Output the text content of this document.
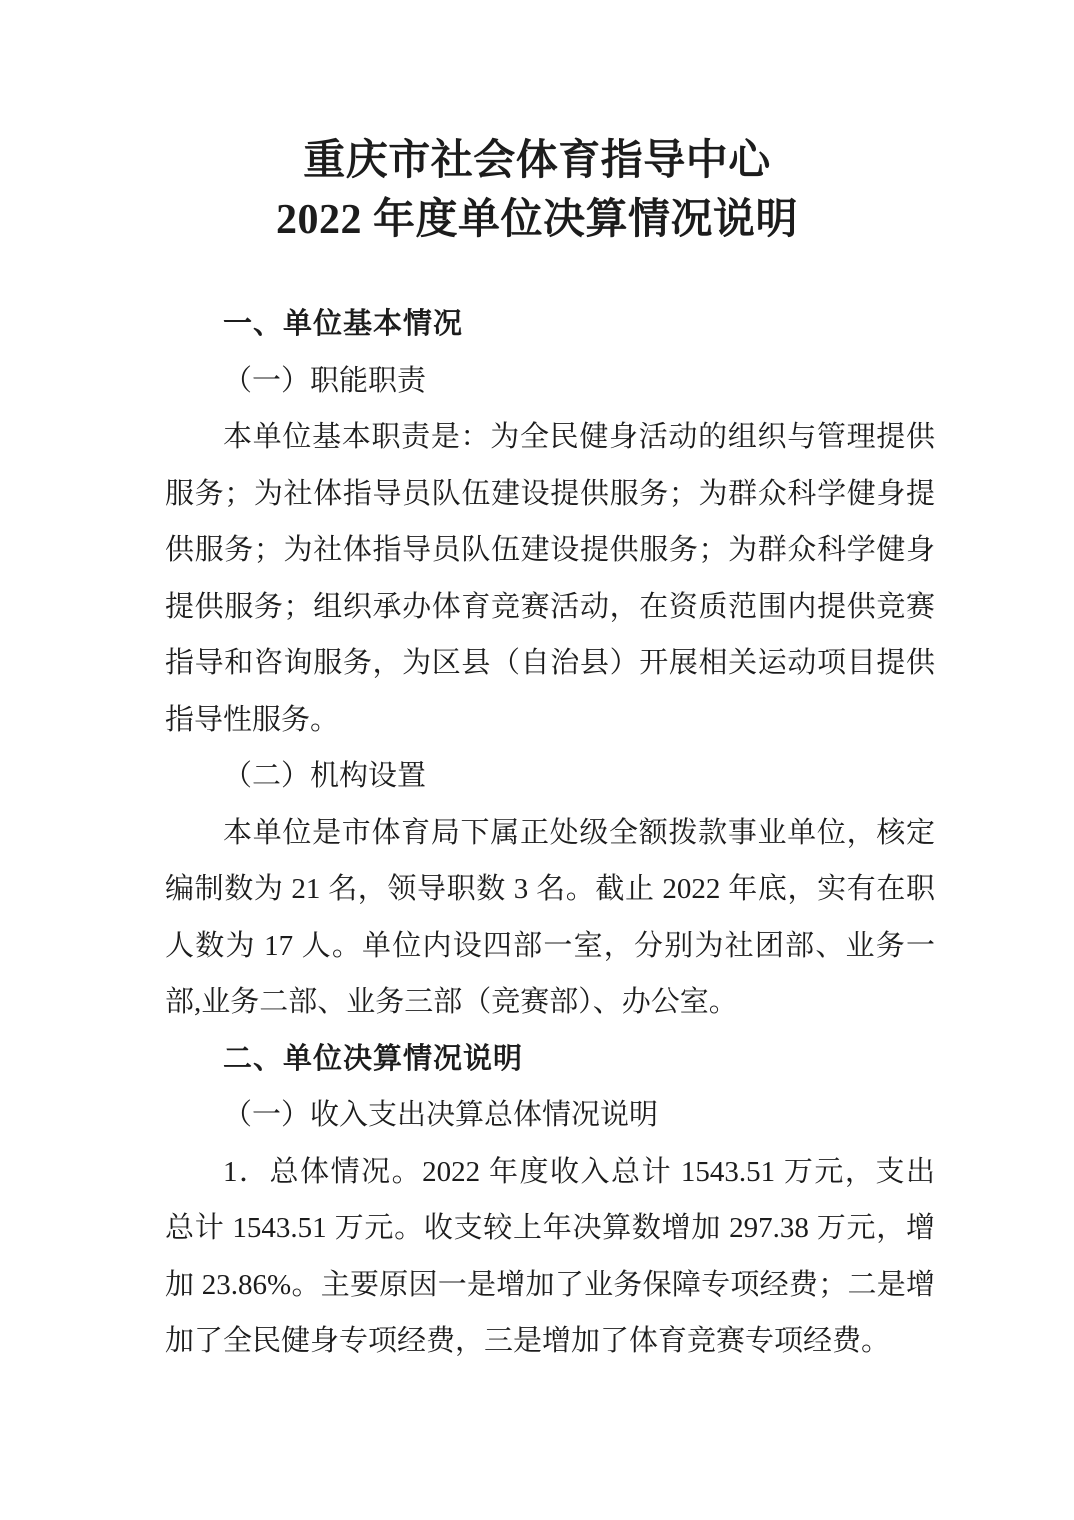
重庆市社会体育指导中心
2022 年度单位决算情况说明
一、单位基本情况
（一）职能职责
本单位基本职责是：为全民健身活动的组织与管理提供
服务；为社体指导员队伍建设提供服务；为群众科学健身提
供服务；为社体指导员队伍建设提供服务；为群众科学健身
提供服务；组织承办体育竞赛活动，在资质范围内提供竞赛
指导和咨询服务，为区县（自治县）开展相关运动项目提供
指导性服务。
（二）机构设置
本单位是市体育局下属正处级全额拨款事业单位，核定
编制数为 21 名，领导职数 3 名。截止 2022 年底，实有在职
人数为 17 人。单位内设四部一室，分别为社团部、业务一
部,业务二部、业务三部（竞赛部）、办公室。
二、单位决算情况说明
（一）收入支出决算总体情况说明
1．总体情况。2022 年度收入总计 1543.51 万元，支出
总计 1543.51 万元。收支较上年决算数增加 297.38 万元，增
加 23.86%。主要原因一是增加了业务保障专项经费；二是增
加了全民健身专项经费，三是增加了体育竞赛专项经费。
